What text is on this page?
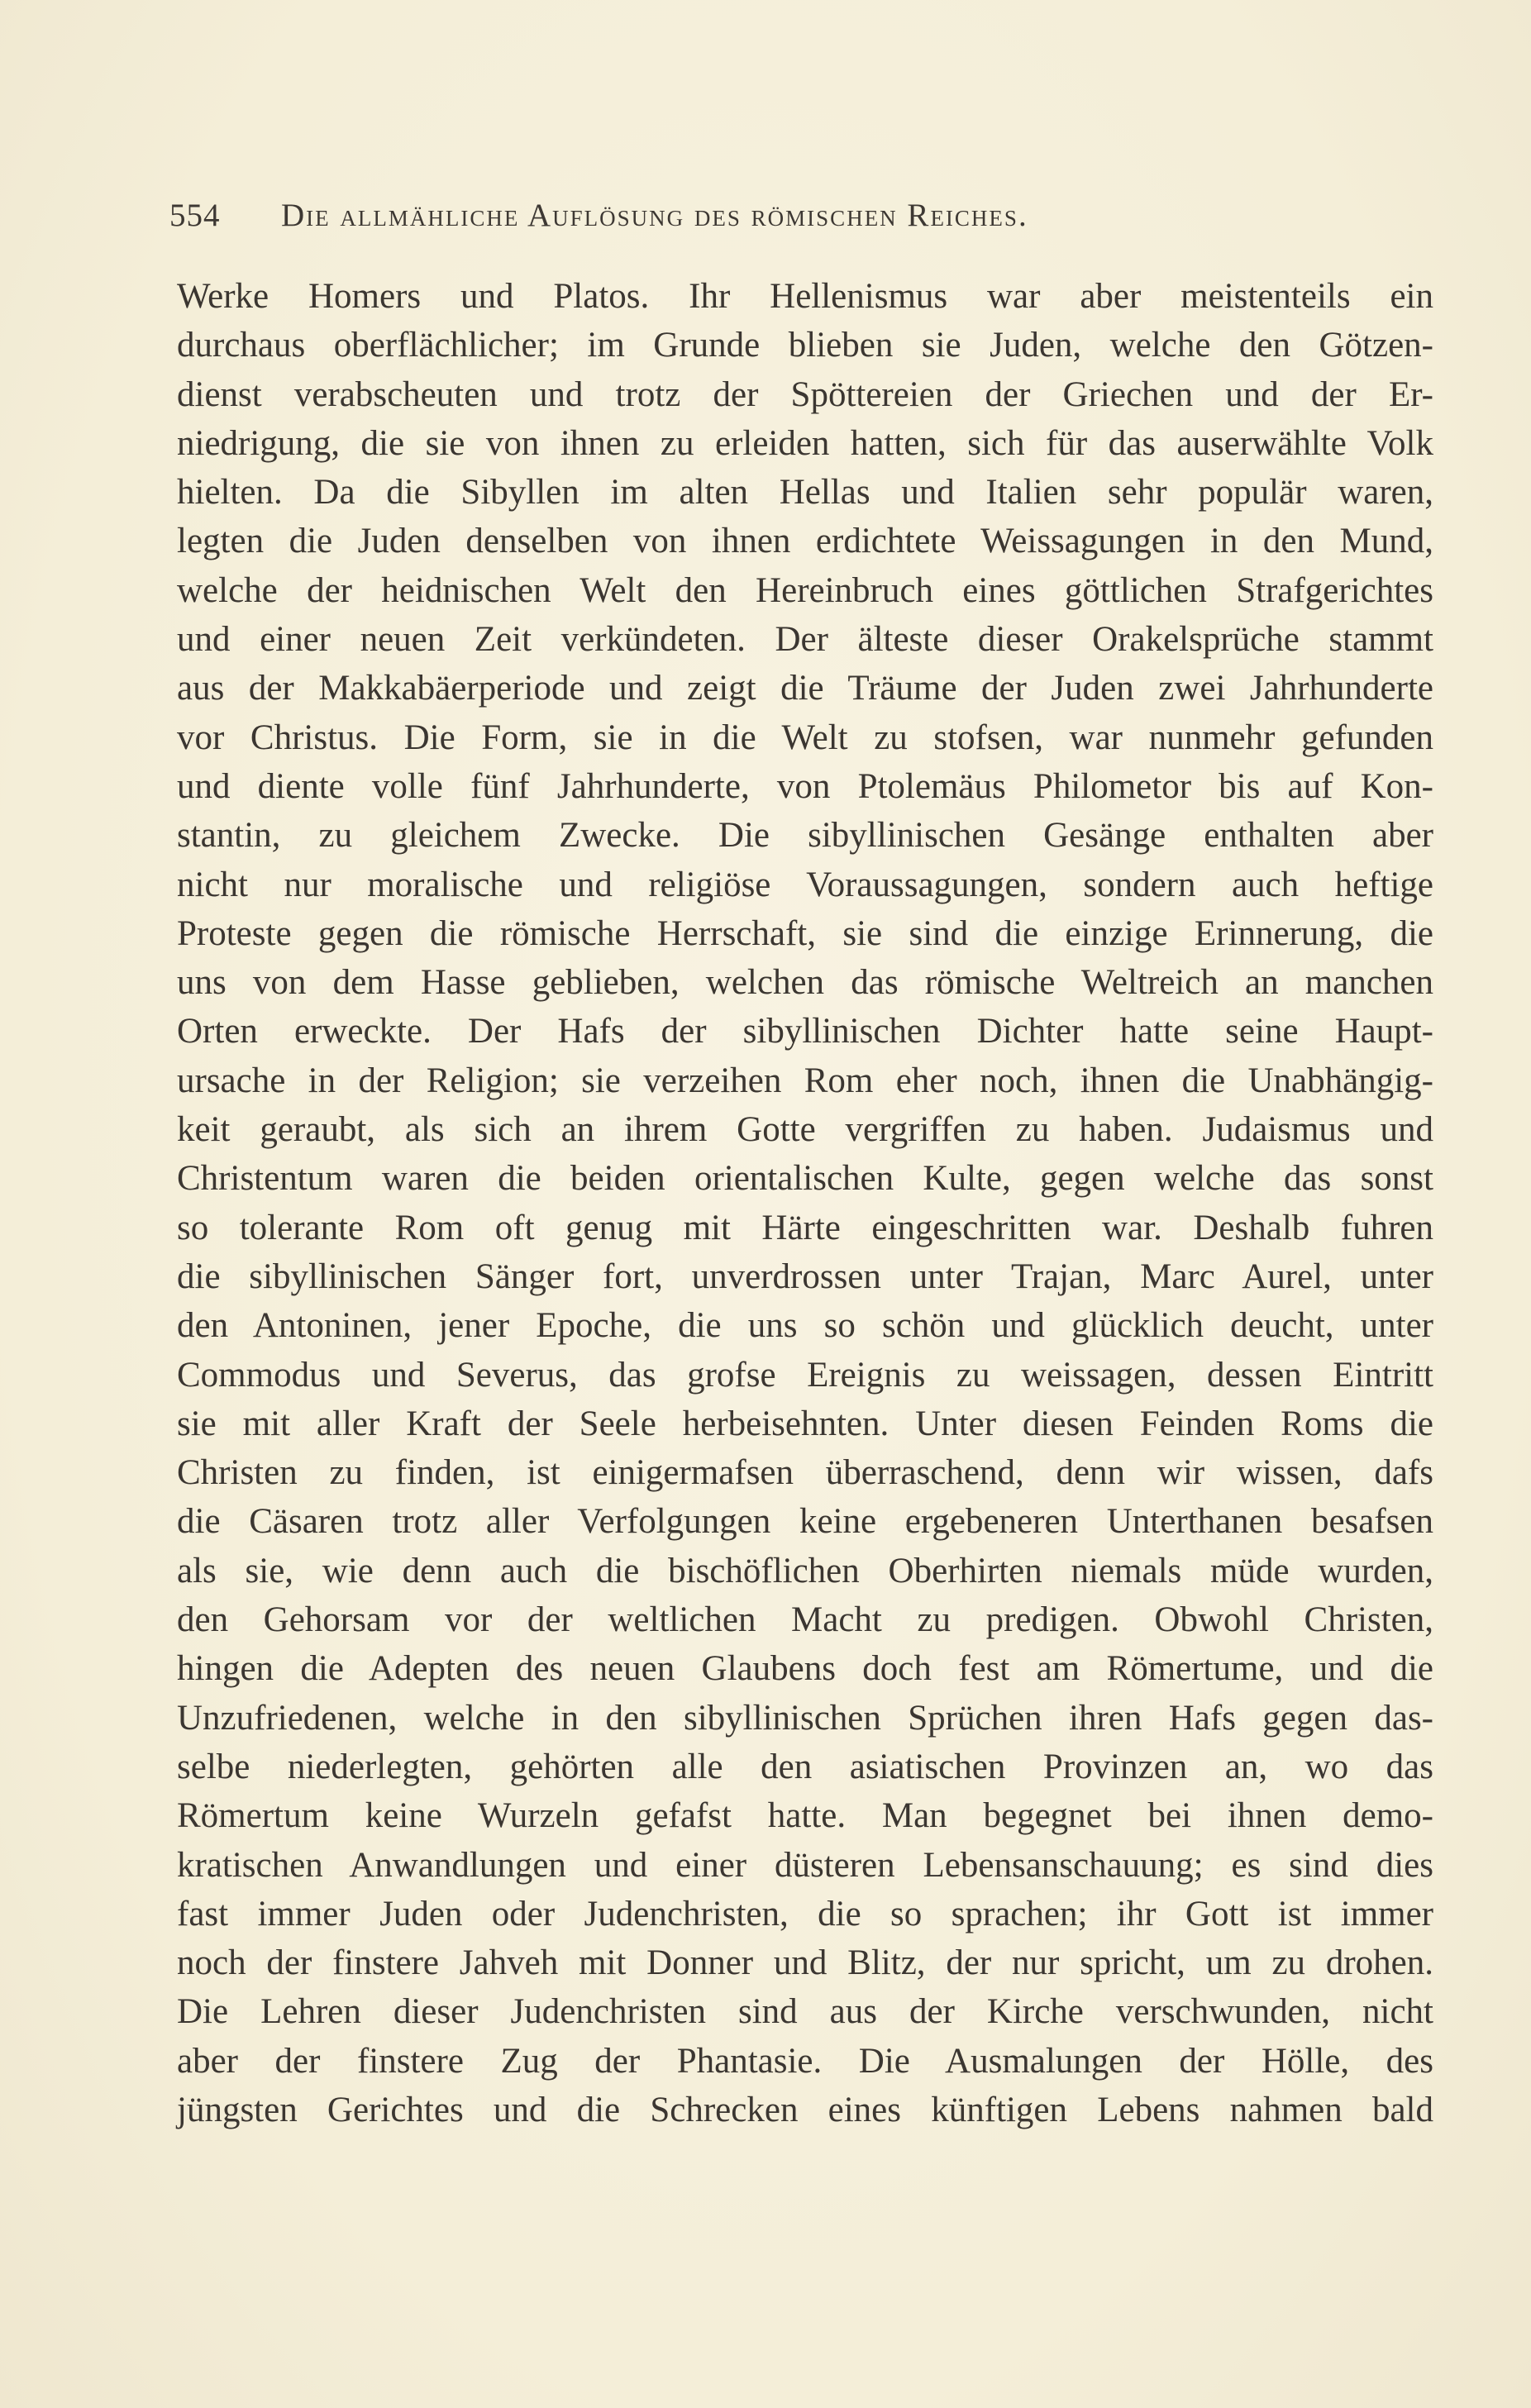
554	Die allmähliche Auflösung des römischen Reiches.
Werke Homers und Platos. Ihr Hellenismus war aber meistenteils ein
durchaus oberflächlicher; im Grunde blieben sie Juden, welche den Götzen-
dienst verabscheuten und trotz der Spöttereien der Griechen und der Er-
niedrigung, die sie von ihnen zu erleiden hatten, sich für das auserwählte Volk
hielten. Da die Sibyllen im alten Hellas und Italien sehr populär waren,
legten die Juden denselben von ihnen erdichtete Weissagungen in den Mund,
welche der heidnischen Welt den Hereinbruch eines göttlichen Strafgerichtes
und einer neuen Zeit verkündeten. Der älteste dieser Orakelsprüche stammt
aus der Makkabäerperiode und zeigt die Träume der Juden zwei Jahrhunderte
vor Christus. Die Form, sie in die Welt zu stofsen, war nunmehr gefunden
und diente volle fünf Jahrhunderte, von Ptolemäus Philometor bis auf Kon-
stantin, zu gleichem Zwecke. Die sibyllinischen Gesänge enthalten aber
nicht nur moralische und religiöse Voraussagungen, sondern auch heftige
Proteste gegen die römische Herrschaft, sie sind die einzige Erinnerung, die
uns von dem Hasse geblieben, welchen das römische Weltreich an manchen
Orten erweckte. Der Hafs der sibyllinischen Dichter hatte seine Haupt-
ursache in der Religion; sie verzeihen Rom eher noch, ihnen die Unabhängig-
keit geraubt, als sich an ihrem Gotte vergriffen zu haben. Judaismus und
Christentum waren die beiden orientalischen Kulte, gegen welche das sonst
so tolerante Rom oft genug mit Härte eingeschritten war. Deshalb fuhren
die sibyllinischen Sänger fort, unverdrossen unter Trajan, Marc Aurel, unter
den Antoninen, jener Epoche, die uns so schön und glücklich deucht, unter
Commodus und Severus, das grofse Ereignis zu weissagen, dessen Eintritt
sie mit aller Kraft der Seele herbeisehnten. Unter diesen Feinden Roms die
Christen zu finden, ist einigermafsen überraschend, denn wir wissen, dafs
die Cäsaren trotz aller Verfolgungen keine ergebeneren Unterthanen besafsen
als sie, wie denn auch die bischöflichen Oberhirten niemals müde wurden,
den Gehorsam vor der weltlichen Macht zu predigen. Obwohl Christen,
hingen die Adepten des neuen Glaubens doch fest am Römertume, und die
Unzufriedenen, welche in den sibyllinischen Sprüchen ihren Hafs gegen das-
selbe niederlegten, gehörten alle den asiatischen Provinzen an, wo das
Römertum keine Wurzeln gefafst hatte. Man begegnet bei ihnen demo-
kratischen Anwandlungen und einer düsteren Lebensanschauung; es sind dies
fast immer Juden oder Judenchristen, die so sprachen; ihr Gott ist immer
noch der finstere Jahveh mit Donner und Blitz, der nur spricht, um zu drohen.
Die Lehren dieser Judenchristen sind aus der Kirche verschwunden, nicht
aber der finstere Zug der Phantasie. Die Ausmalungen der Hölle, des
jüngsten Gerichtes und die Schrecken eines künftigen Lebens nahmen bald
